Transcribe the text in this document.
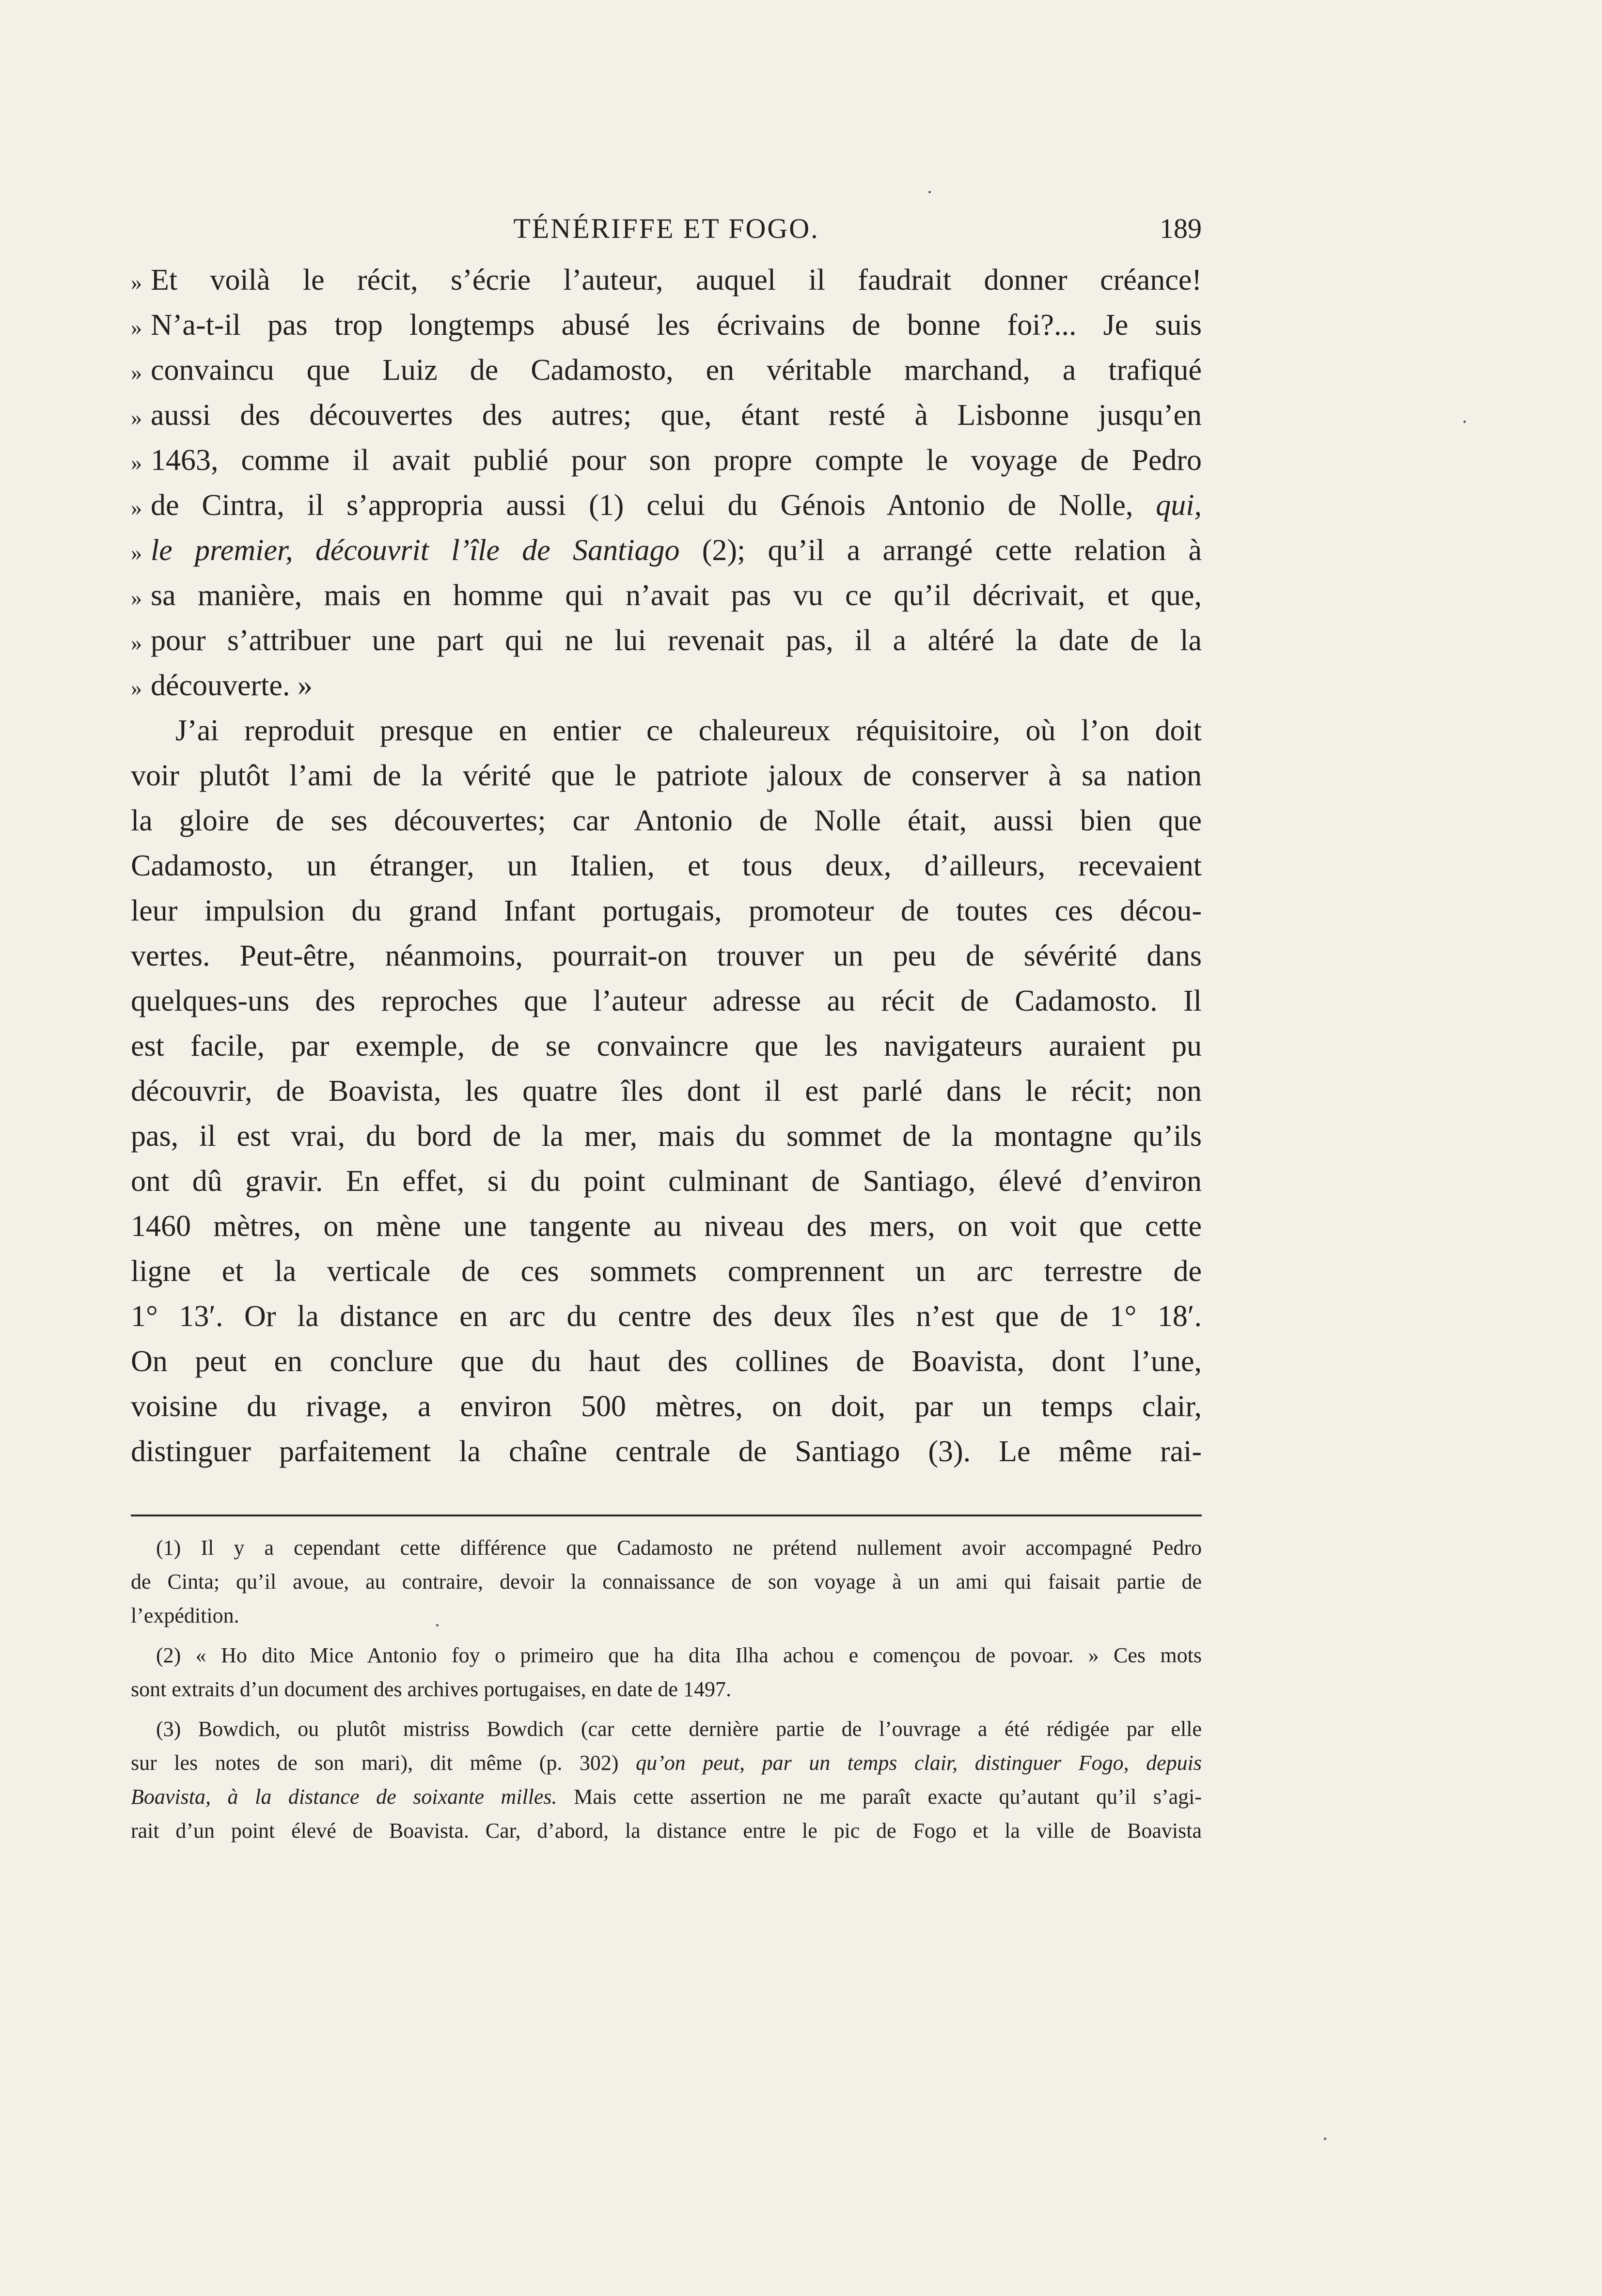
TÉNÉRIFFE ET FOGO.	189
» Et voilà le récit, s’écrie l’auteur, auquel il faudrait donner créance!
» N’a-t-il pas trop longtemps abusé les écrivains de bonne foi?... Je suis
» convaincu que Luiz de Cadamosto, en véritable marchand, a trafiqué
» aussi des découvertes des autres; que, étant resté à Lisbonne jusqu’en
» 1463, comme il avait publié pour son propre compte le voyage de Pedro
» de Cintra, il s’appropria aussi (1) celui du Génois Antonio de Nolle, qui,
» le premier, découvrit l’île de Santiago (2); qu’il a arrangé cette relation à
» sa manière, mais en homme qui n’avait pas vu ce qu’il décrivait, et que,
» pour s’attribuer une part qui ne lui revenait pas, il a altéré la date de la
» découverte. »
J’ai reproduit presque en entier ce chaleureux réquisitoire, où l’on doit
voir plutôt l’ami de la vérité que le patriote jaloux de conserver à sa nation
la gloire de ses découvertes; car Antonio de Nolle était, aussi bien que
Cadamosto, un étranger, un Italien, et tous deux, d’ailleurs, recevaient
leur impulsion du grand Infant portugais, promoteur de toutes ces décou-
vertes. Peut-être, néanmoins, pourrait-on trouver un peu de sévérité dans
quelques-uns des reproches que l’auteur adresse au récit de Cadamosto. Il
est facile, par exemple, de se convaincre que les navigateurs auraient pu
découvrir, de Boavista, les quatre îles dont il est parlé dans le récit; non
pas, il est vrai, du bord de la mer, mais du sommet de la montagne qu’ils
ont dû gravir. En effet, si du point culminant de Santiago, élevé d’environ
1460 mètres, on mène une tangente au niveau des mers, on voit que cette
ligne et la verticale de ces sommets comprennent un arc terrestre de
1° 13′. Or la distance en arc du centre des deux îles n’est que de 1° 18′.
On peut en conclure que du haut des collines de Boavista, dont l’une,
voisine du rivage, a environ 500 mètres, on doit, par un temps clair,
distinguer parfaitement la chaîne centrale de Santiago (3). Le même rai-
(1) Il y a cependant cette différence que Cadamosto ne prétend nullement avoir accompagné Pedro
de Cinta; qu’il avoue, au contraire, devoir la connaissance de son voyage à un ami qui faisait partie de
l’expédition.
(2) « Ho dito Mice Antonio foy o primeiro que ha dita Ilha achou e començou de povoar. » Ces mots
sont extraits d’un document des archives portugaises, en date de 1497.
(3) Bowdich, ou plutôt mistriss Bowdich (car cette dernière partie de l’ouvrage a été rédigée par elle
sur les notes de son mari), dit même (p. 302) qu’on peut, par un temps clair, distinguer Fogo, depuis
Boavista, à la distance de soixante milles. Mais cette assertion ne me paraît exacte qu’autant qu’il s’agi-
rait d’un point élevé de Boavista. Car, d’abord, la distance entre le pic de Fogo et la ville de Boavista
